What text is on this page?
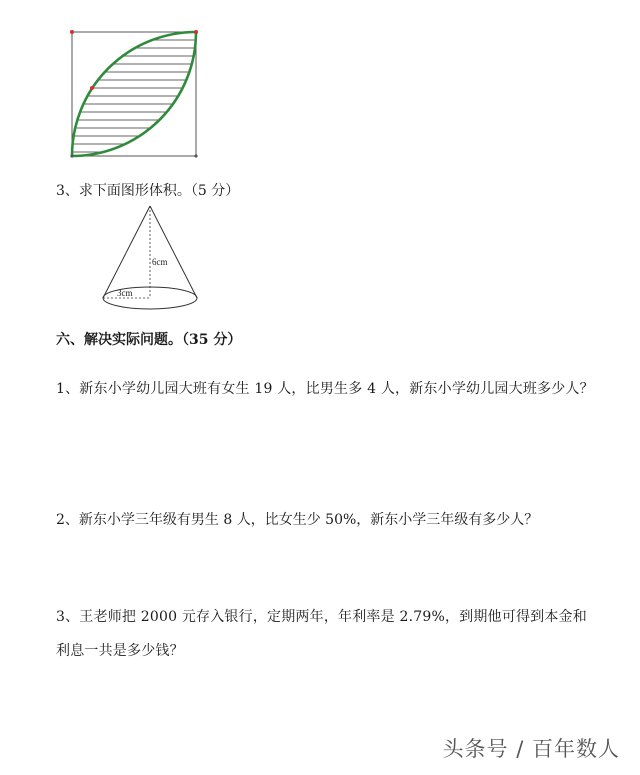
3、求下面图形体积。（5 分）
6cm
3cm
六、解决实际问题。（35 分）
1、新东小学幼儿园大班有女生 19 人，比男生多 4 人，新东小学幼儿园大班多少人？
2、新东小学三年级有男生 8 人，比女生少 50%，新东小学三年级有多少人？
3、王老师把 2000 元存入银行，定期两年，年利率是 2.79%，到期他可得到本金和利息一共是多少钱？
头条号 / 百年数人
